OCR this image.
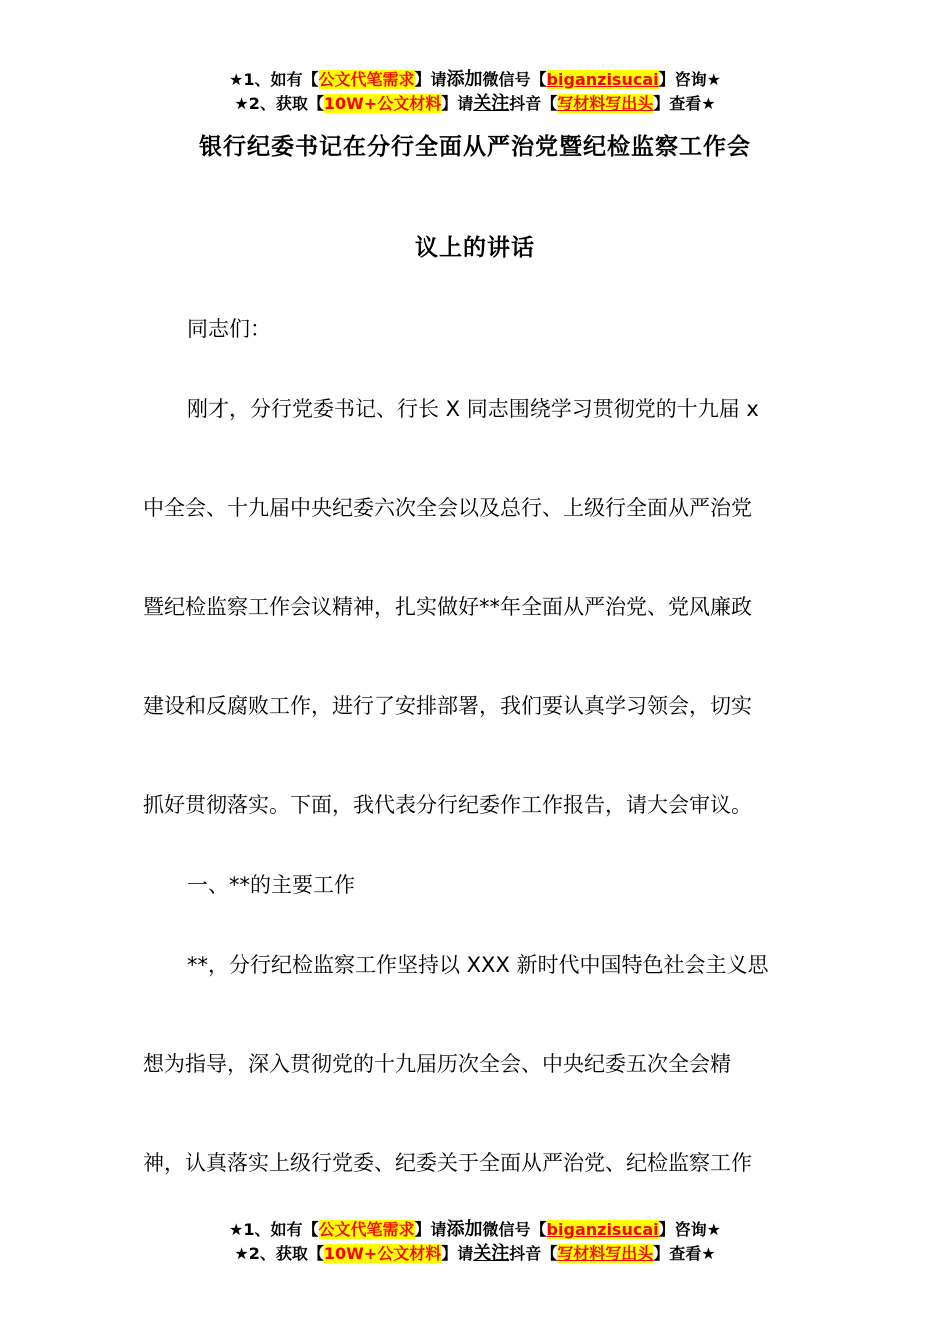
★1、如有【公文代笔需求】请添加微信号【biganzisucai】咨询★
★2、获取【10W+公文材料】请关注抖音【写材料写出头】查看★
银行纪委书记在分行全面从严治党暨纪检监察工作会
议上的讲话
同志们：
刚才，分行党委书记、行长 X 同志围绕学习贯彻党的十九届 x
中全会、十九届中央纪委六次全会以及总行、上级行全面从严治党
暨纪检监察工作会议精神，扎实做好**年全面从严治党、党风廉政
建设和反腐败工作，进行了安排部署，我们要认真学习领会，切实
抓好贯彻落实。下面，我代表分行纪委作工作报告，请大会审议。
一、**的主要工作
**，分行纪检监察工作坚持以 XXX 新时代中国特色社会主义思
想为指导，深入贯彻党的十九届历次全会、中央纪委五次全会精
神，认真落实上级行党委、纪委关于全面从严治党、纪检监察工作
★1、如有【公文代笔需求】请添加微信号【biganzisucai】咨询★
★2、获取【10W+公文材料】请关注抖音【写材料写出头】查看★
